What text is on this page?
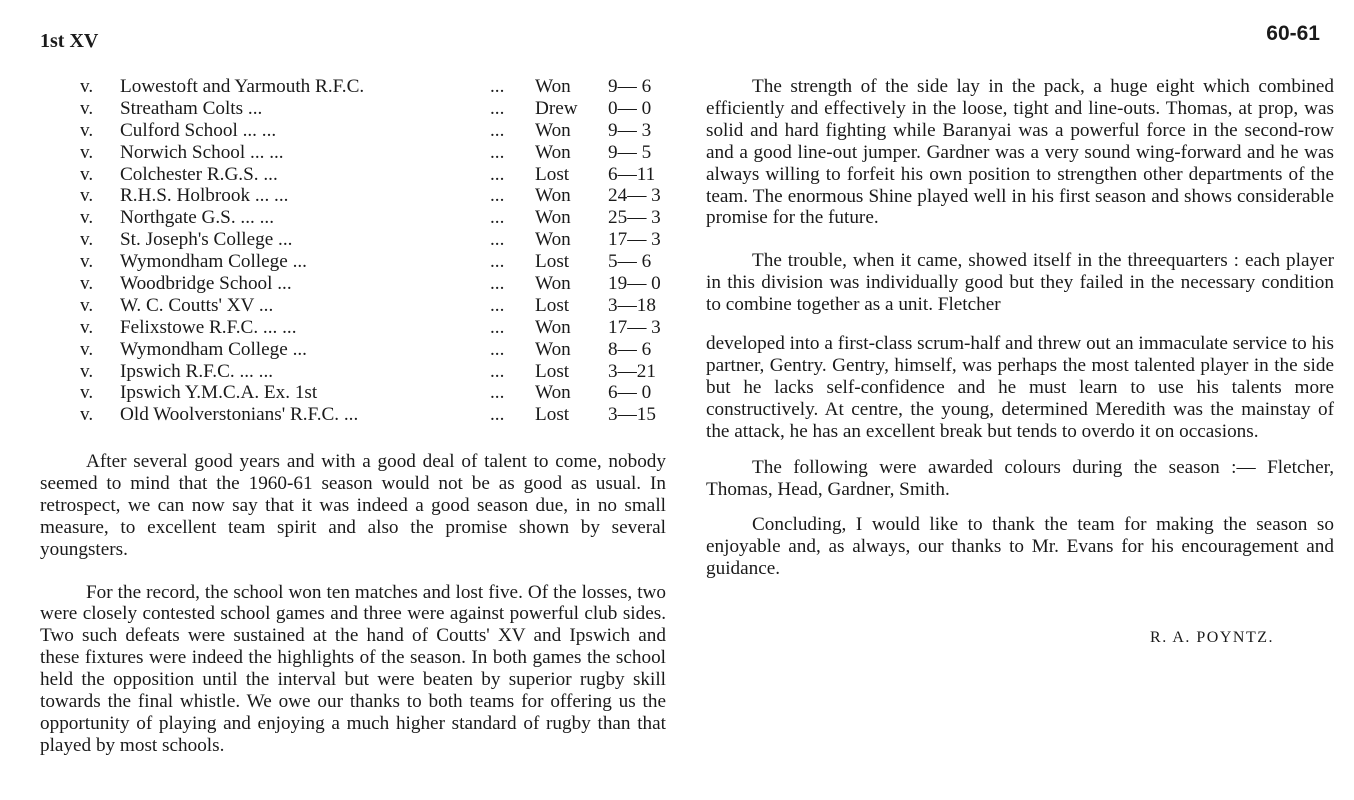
1st XV	60-61
v. Lowestoft and Yarmouth R.F.C.	... Won 9— 6
v. Streatham Colts ...	... Drew 0— 0
v. Culford School ... ...	... Won 9— 3
v. Norwich School ... ...	... Won 9— 5
v. Colchester R.G.S. ...	... Lost 6—11
v. R.H.S. Holbrook ... ...	... Won 24— 3
v. Northgate G.S. ... ...	... Won 25— 3
v. St. Joseph's College ...	... Won 17— 3
v. Wymondham College ...	... Lost 5— 6
v. Woodbridge School ...	... Won 19— 0
v. W. C. Coutts' XV ...	... Lost 3—18
v. Felixstowe R.F.C. ... ...	... Won 17— 3
v. Wymondham College ...	... Won 8— 6
v. Ipswich R.F.C. ... ...	... Lost 3—21
v. Ipswich Y.M.C.A. Ex. 1st	... Won 6— 0
v. Old Woolverstonians' R.F.C. ...	... Lost 3—15

After several good years and with a good deal of talent to come, nobody seemed to mind that the 1960-61 season would not be as good as usual. In retrospect, we can now say that it was indeed a good season due, in no small measure, to excellent team spirit and also the promise shown by several youngsters.

For the record, the school won ten matches and lost five. Of the losses, two were closely contested school games and three were against powerful club sides. Two such defeats were sustained at the hand of Coutts' XV and Ipswich and these fixtures were indeed the highlights of the season. In both games the school held the opposition until the interval but were beaten by superior rugby skill towards the final whistle. We owe our thanks to both teams for offering us the opportunity of playing and enjoying a much higher standard of rugby than that played by most schools.

The strength of the side lay in the pack, a huge eight which combined efficiently and effectively in the loose, tight and line-outs. Thomas, at prop, was solid and hard fighting while Baranyai was a powerful force in the second-row and a good line-out jumper. Gardner was a very sound wing-forward and he was always willing to forfeit his own position to strengthen other departments of the team. The enormous Shine played well in his first season and shows considerable promise for the future.

The trouble, when it came, showed itself in the threequarters : each player in this division was individually good but they failed in the necessary condition to combine together as a unit. Fletcher

developed into a first-class scrum-half and threw out an immaculate service to his partner, Gentry. Gentry, himself, was perhaps the most talented player in the side but he lacks self-confidence and he must learn to use his talents more constructively. At centre, the young, determined Meredith was the mainstay of the attack, he has an excellent break but tends to overdo it on occasions.

The following were awarded colours during the season :— Fletcher, Thomas, Head, Gardner, Smith.

Concluding, I would like to thank the team for making the season so enjoyable and, as always, our thanks to Mr. Evans for his encouragement and guidance.

R. A. POYNTZ.
